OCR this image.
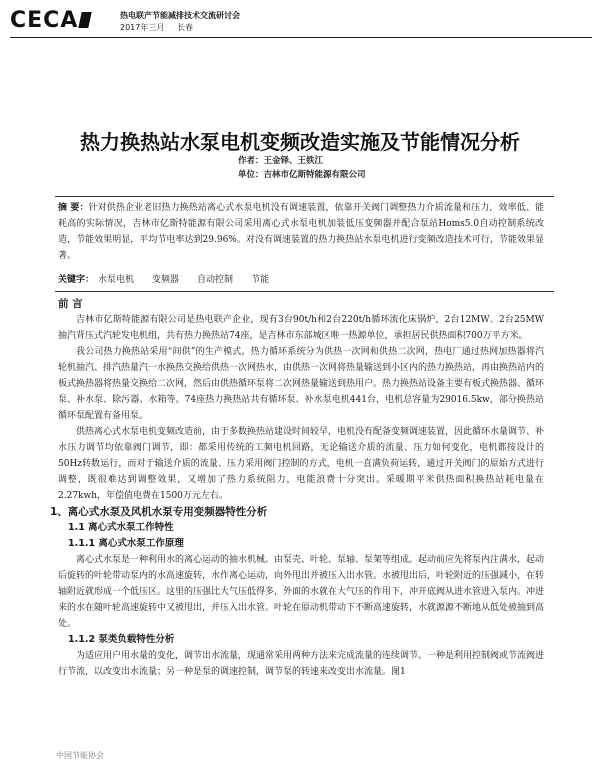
CECA	热电联产节能减排技术交流研讨会
2017年三月 长春
热力换热站水泵电机变频改造实施及节能情况分析
作者：王金铎、王铁江
单位：吉林市亿斯特能源有限公司
摘 要：针对供热企业老旧热力换热站离心式水泵电机没有调速装置，依靠开关阀门调整热力介质流量和压力，效率低、能耗高的实际情况，吉林市亿斯特能源有限公司采用离心式水泵电机加装低压变频器并配合泵站Homs5.0自动控制系统改造，节能效果明显，平均节电率达到29.96%。对没有调速装置的热力换热站水泵电机进行变频改造技术可行，节能效果显著。
关键字： 水泵电机 变频器 自动控制 节能
前 言
吉林市亿斯特能源有限公司是热电联产企业，现有3台90t/h和2台220t/h循环流化床锅炉，2台12MW、2台25MW抽汽背压式汽轮发电机组，共有热力换热站74座，是吉林市东部城区唯一热源单位，承担居民供热面积700万平方米。
我公司热力换热站采用“间供”的生产模式，热力循环系统分为供热一次网和供热二次网，热电厂通过热网加热器将汽轮机抽汽、排汽热量汽一水换热交换给供热一次网热水，由供热一次网将热量输送到小区内的热力换热站，再由换热站内的板式换热器将热量交换给二次网，然后由供热循环泵将二次网热量输送到热用户。热力换热站设备主要有板式换热器、循环泵、补水泵、除污器、水箱等。74座热力换热站共有循环泵、补水泵电机441台，电机总容量为29016.5kw，部分换热站循环泵配置有备用泵。
供热离心式水泵电机变频改造前，由于多数换热站建设时间较早，电机没有配备变频调速装置，因此循环水量调节、补水压力调节均依靠阀门调节，即：都采用传统的工频电机回路，无论输送介质的流量、压力如何变化，电机都按设计的50Hz转数运行，而对于输送介质的流量、压力采用阀门控制的方式，电机一直满负荷运转，通过开关阀门的原始方式进行调整，既很难达到调整效果，又增加了热力系统阻力，电能浪费十分突出。采暖期平米供热面积换热站耗电量在2.27kwh，年偿值电费在1500万元左右。
1、离心式水泵及风机水泵专用变频器特性分析
1.1 离心式水泵工作特性
1.1.1 离心式水泵工作原理
离心式水泵是一种利用水的离心运动的抽水机械。由泵壳、叶轮、泵轴、泵架等组成。起动前应先将泵内注满水，起动后旋转的叶轮带动泵内的水高速旋转，水作离心运动，向外甩出并被压入出水管。水被甩出后，叶轮附近的压强减小，在转轴附近就形成一个低压区。这里的压强比大气压低得多，外面的水就在大气压的作用下，冲开底阀从进水管进入泵内。冲进来的水在随叶轮高速旋转中又被甩出，并压入出水管。叶轮在原动机带动下不断高速旋转，水就源源不断地从低处被抽到高处。
1.1.2 泵类负载特性分析
为适应用户用水量的变化，调节出水流量，现通常采用两种方法来完成流量的连续调节。一种是利用控制阀或节流阀进行节流，以改变出水流量；另一种是泵的调速控制，调节泵的转速来改变出水流量。图1
中国节能协会
